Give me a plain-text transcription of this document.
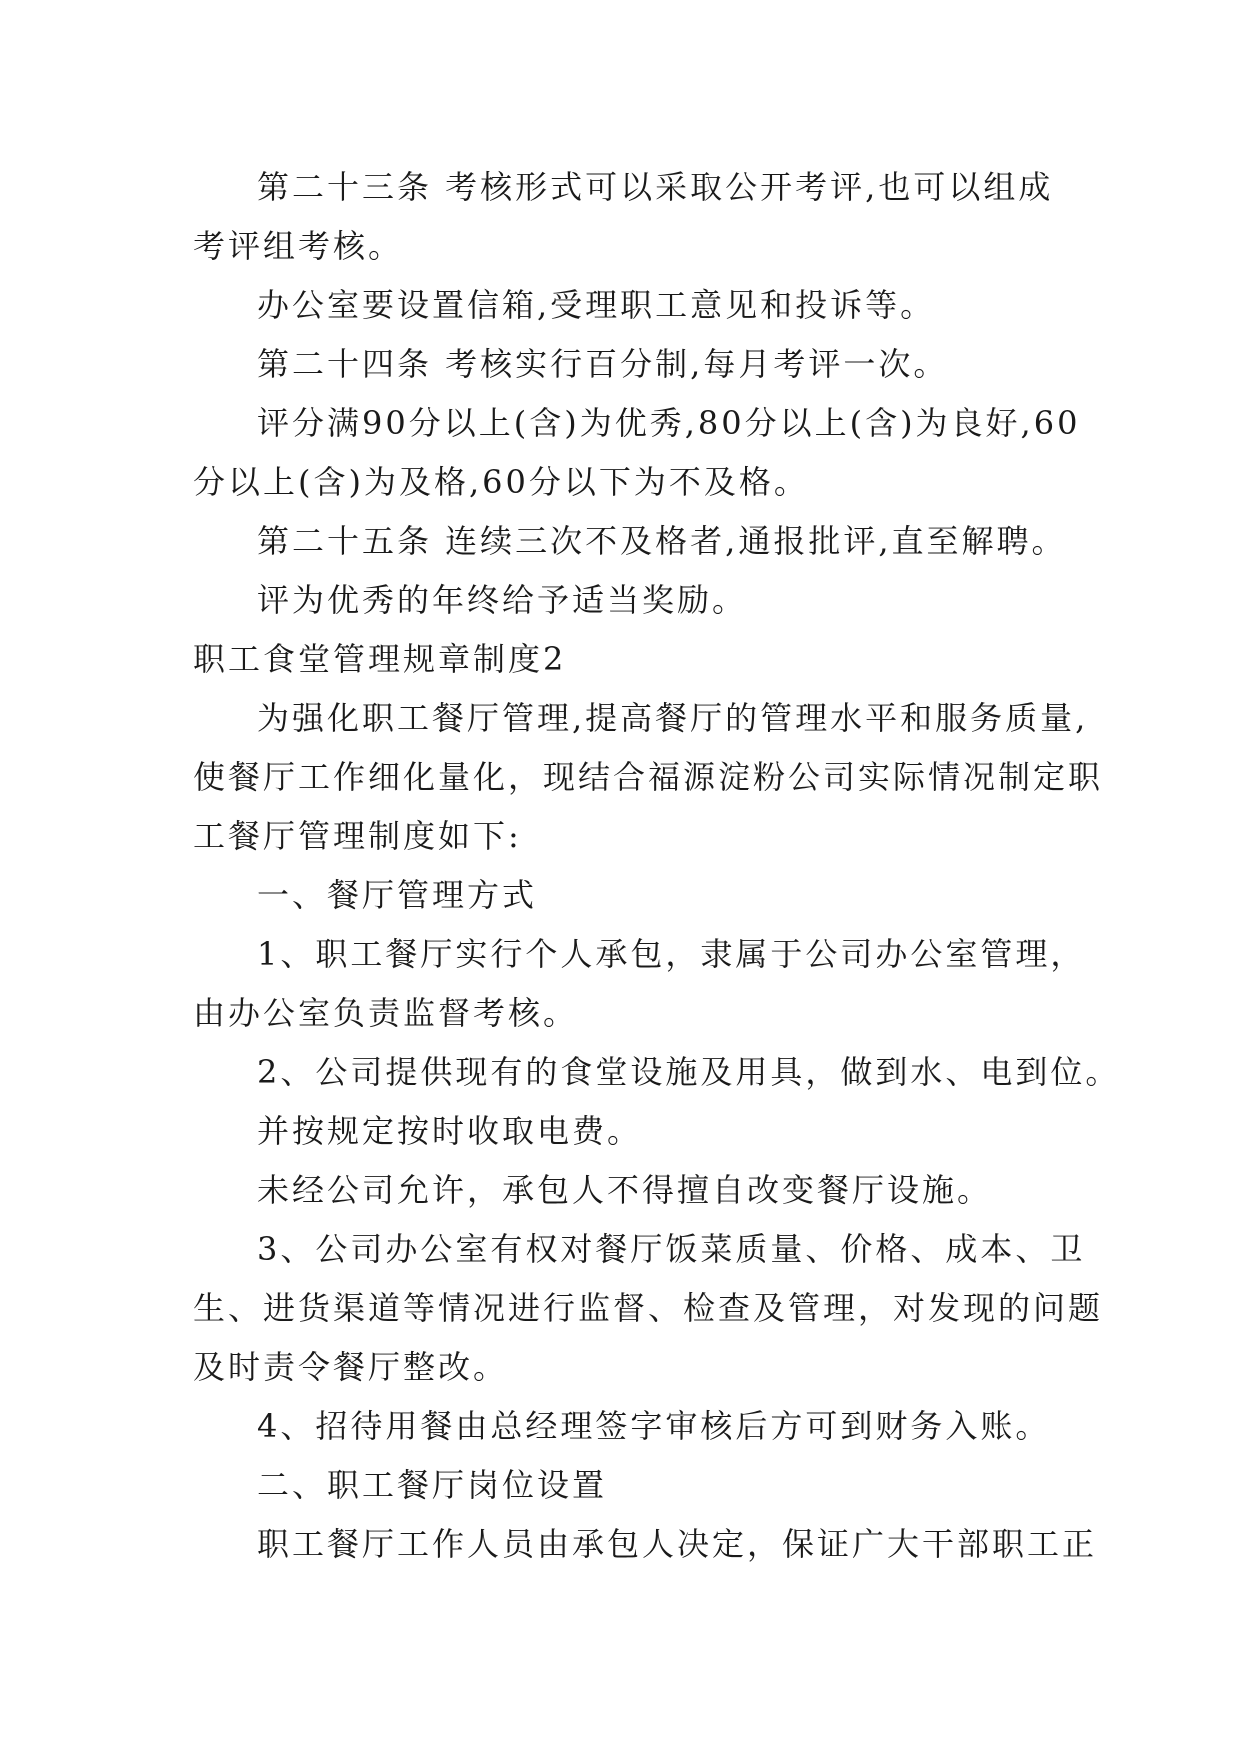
第二十三条 考核形式可以采取公开考评,也可以组成

考评组考核。

办公室要设置信箱,受理职工意见和投诉等。

第二十四条 考核实行百分制,每月考评一次。

评分满90分以上(含)为优秀,80分以上(含)为良好,60

分以上(含)为及格,60分以下为不及格。

第二十五条 连续三次不及格者,通报批评,直至解聘。

评为优秀的年终给予适当奖励。

职工食堂管理规章制度2

为强化职工餐厅管理,提高餐厅的管理水平和服务质量,

使餐厅工作细化量化，现结合福源淀粉公司实际情况制定职

工餐厅管理制度如下:

一、餐厅管理方式

1、职工餐厅实行个人承包，隶属于公司办公室管理，

由办公室负责监督考核。

2、公司提供现有的食堂设施及用具，做到水、电到位。

并按规定按时收取电费。

未经公司允许，承包人不得擅自改变餐厅设施。

3、公司办公室有权对餐厅饭菜质量、价格、成本、卫

生、进货渠道等情况进行监督、检查及管理，对发现的问题

及时责令餐厅整改。

4、招待用餐由总经理签字审核后方可到财务入账。

二、职工餐厅岗位设置

职工餐厅工作人员由承包人决定，保证广大干部职工正
